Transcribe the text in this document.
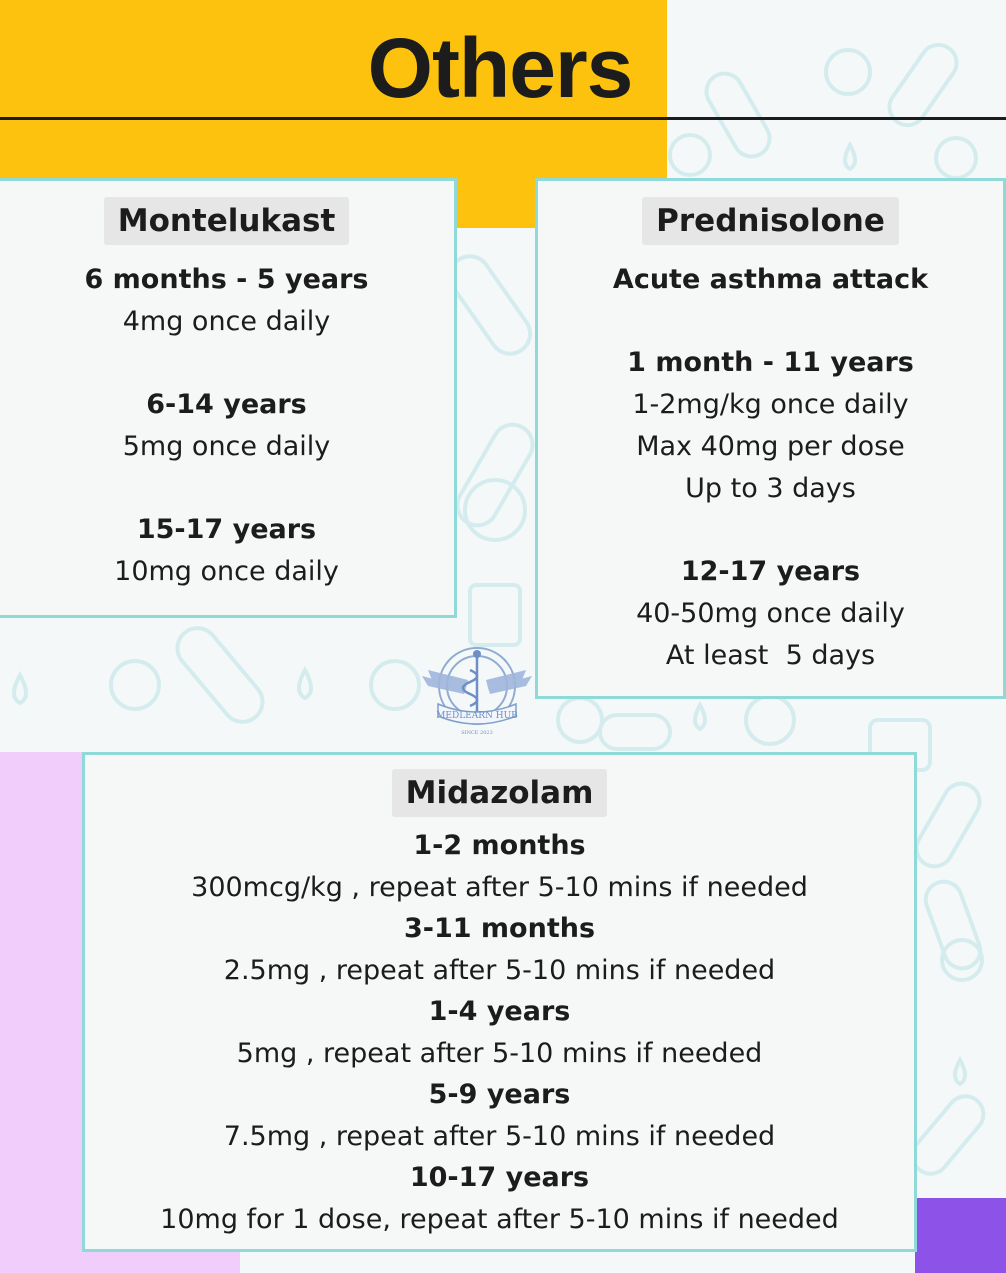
Others
Montelukast
6 months - 5 years
4mg once daily
6-14 years
5mg once daily
15-17 years
10mg once daily
Prednisolone
Acute asthma attack
1 month - 11 years
1-2mg/kg once daily
Max 40mg per dose
Up to 3 days
12-17 years
40-50mg once daily
At least  5 days
Midazolam
1-2 months
300mcg/kg , repeat after 5-10 mins if needed
3-11 months
2.5mg , repeat after 5-10 mins if needed
1-4 years
5mg , repeat after 5-10 mins if needed
5-9 years
7.5mg , repeat after 5-10 mins if needed
10-17 years
10mg for 1 dose, repeat after 5-10 mins if needed
MEDLEARN HUB
SINCE 2023
